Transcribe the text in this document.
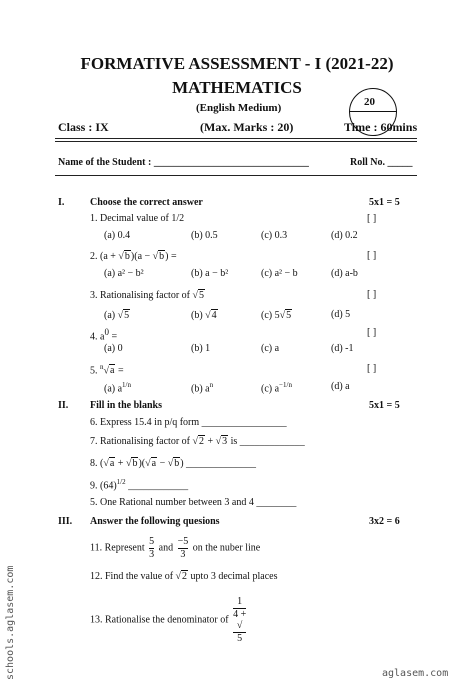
FORMATIVE ASSESSMENT - I (2021-22)
MATHEMATICS
(English Medium)	20
Class : IX	(Max. Marks : 20)	Time : 60mins
Name of the Student : _______________________________	Roll No. _____
I.	Choose the correct answer	5x1 = 5
1. Decimal value of 1/2	[ ]
(a) 0.4	(b) 0.5	(c) 0.3	(d) 0.2
2. (a + √b)(a − √b) =	[ ]
(a) a² − b²	(b) a − b²	(c) a² − b	(d) a-b
3. Rationalising factor of √5	[ ]
(a) √5	(b) √4	(c) 5√5	(d) 5
4. $a^0$ =	[ ]
(a) 0	(b) 1	(c) a	(d) -1
5. $^n$√a =	[ ]
(a) $a^{1/n}$	(b) $a^n$	(c) $a^{-1/n}$	(d) a
II. Fill in the blanks	5x1 = 5
6. Express 15.4 in p/q form _________________
7. Rationalising factor of √2 + √3 is _____________
8. (√a + √b)(√a − √b) ______________
9. $(64)^{1/2}$ ____________
5. One Rational number between 3 and 4 ________
III. Answer the following quesions	3x2 = 6
11. Represent $\frac{5}{3}$ and $\frac{-5}{3}$ on the nuber line
12. Find the value of √2 upto 3 decimal places
13. Rationalise the denominator of 1
4 +
√
5
schools.aglasem.com	aglasem.com
